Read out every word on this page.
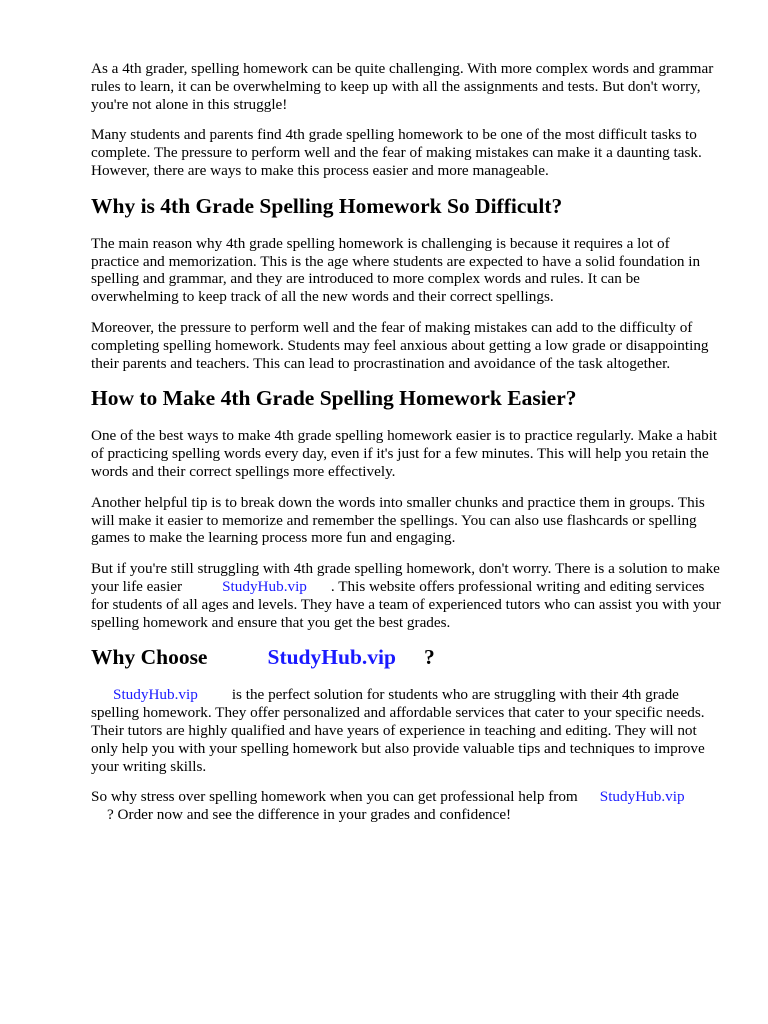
As a 4th grader, spelling homework can be quite challenging. With more complex words and grammar rules to learn, it can be overwhelming to keep up with all the assignments and tests. But don't worry, you're not alone in this struggle!

Many students and parents find 4th grade spelling homework to be one of the most difficult tasks to complete. The pressure to perform well and the fear of making mistakes can make it a daunting task. However, there are ways to make this process easier and more manageable.

Why is 4th Grade Spelling Homework So Difficult?

The main reason why 4th grade spelling homework is challenging is because it requires a lot of practice and memorization. This is the age where students are expected to have a solid foundation in spelling and grammar, and they are introduced to more complex words and rules. It can be overwhelming to keep track of all the new words and their correct spellings.

Moreover, the pressure to perform well and the fear of making mistakes can add to the difficulty of completing spelling homework. Students may feel anxious about getting a low grade or disappointing their parents and teachers. This can lead to procrastination and avoidance of the task altogether.

How to Make 4th Grade Spelling Homework Easier?

One of the best ways to make 4th grade spelling homework easier is to practice regularly. Make a habit of practicing spelling words every day, even if it's just for a few minutes. This will help you retain the words and their correct spellings more effectively.

Another helpful tip is to break down the words into smaller chunks and practice them in groups. This will make it easier to memorize and remember the spellings. You can also use flashcards or spelling games to make the learning process more fun and engaging.

But if you're still struggling with 4th grade spelling homework, don't worry. There is a solution to make your life easier	StudyHub.vip . This website offers professional writing and editing services for students of all ages and levels. They have a team of experienced tutors who can assist you with your spelling homework and ensure that you get the best grades.

Why Choose	StudyHub.vip ?

StudyHub.vip is the perfect solution for students who are struggling with their 4th grade spelling homework. They offer personalized and affordable services that cater to your specific needs. Their tutors are highly qualified and have years of experience in teaching and editing. They will not only help you with your spelling homework but also provide valuable tips and techniques to improve your writing skills.

So why stress over spelling homework when you can get professional help from StudyHub.vip
? Order now and see the difference in your grades and confidence!
